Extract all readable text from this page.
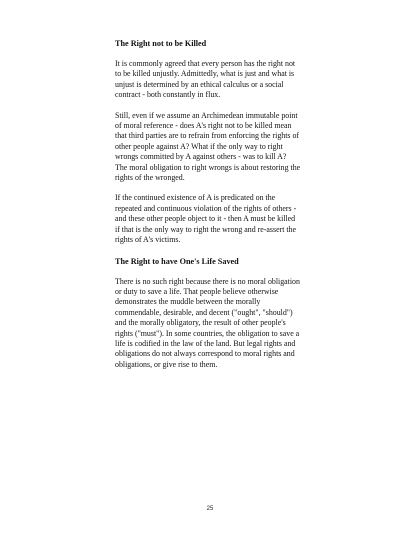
The Right not to be Killed

It is commonly agreed that every person has the right not
to be killed unjustly. Admittedly, what is just and what is
unjust is determined by an ethical calculus or a social
contract - both constantly in flux.

Still, even if we assume an Archimedean immutable point
of moral reference - does A's right not to be killed mean
that third parties are to refrain from enforcing the rights of
other people against A? What if the only way to right
wrongs committed by A against others - was to kill A?
The moral obligation to right wrongs is about restoring the
rights of the wronged.

If the continued existence of A is predicated on the
repeated and continuous violation of the rights of others -
and these other people object to it - then A must be killed
if that is the only way to right the wrong and re-assert the
rights of A's victims.

The Right to have One's Life Saved

There is no such right because there is no moral obligation
or duty to save a life. That people believe otherwise
demonstrates the muddle between the morally
commendable, desirable, and decent ("ought", "should")
and the morally obligatory, the result of other people's
rights ("must"). In some countries, the obligation to save a
life is codified in the law of the land. But legal rights and
obligations do not always correspond to moral rights and
obligations, or give rise to them.

25
